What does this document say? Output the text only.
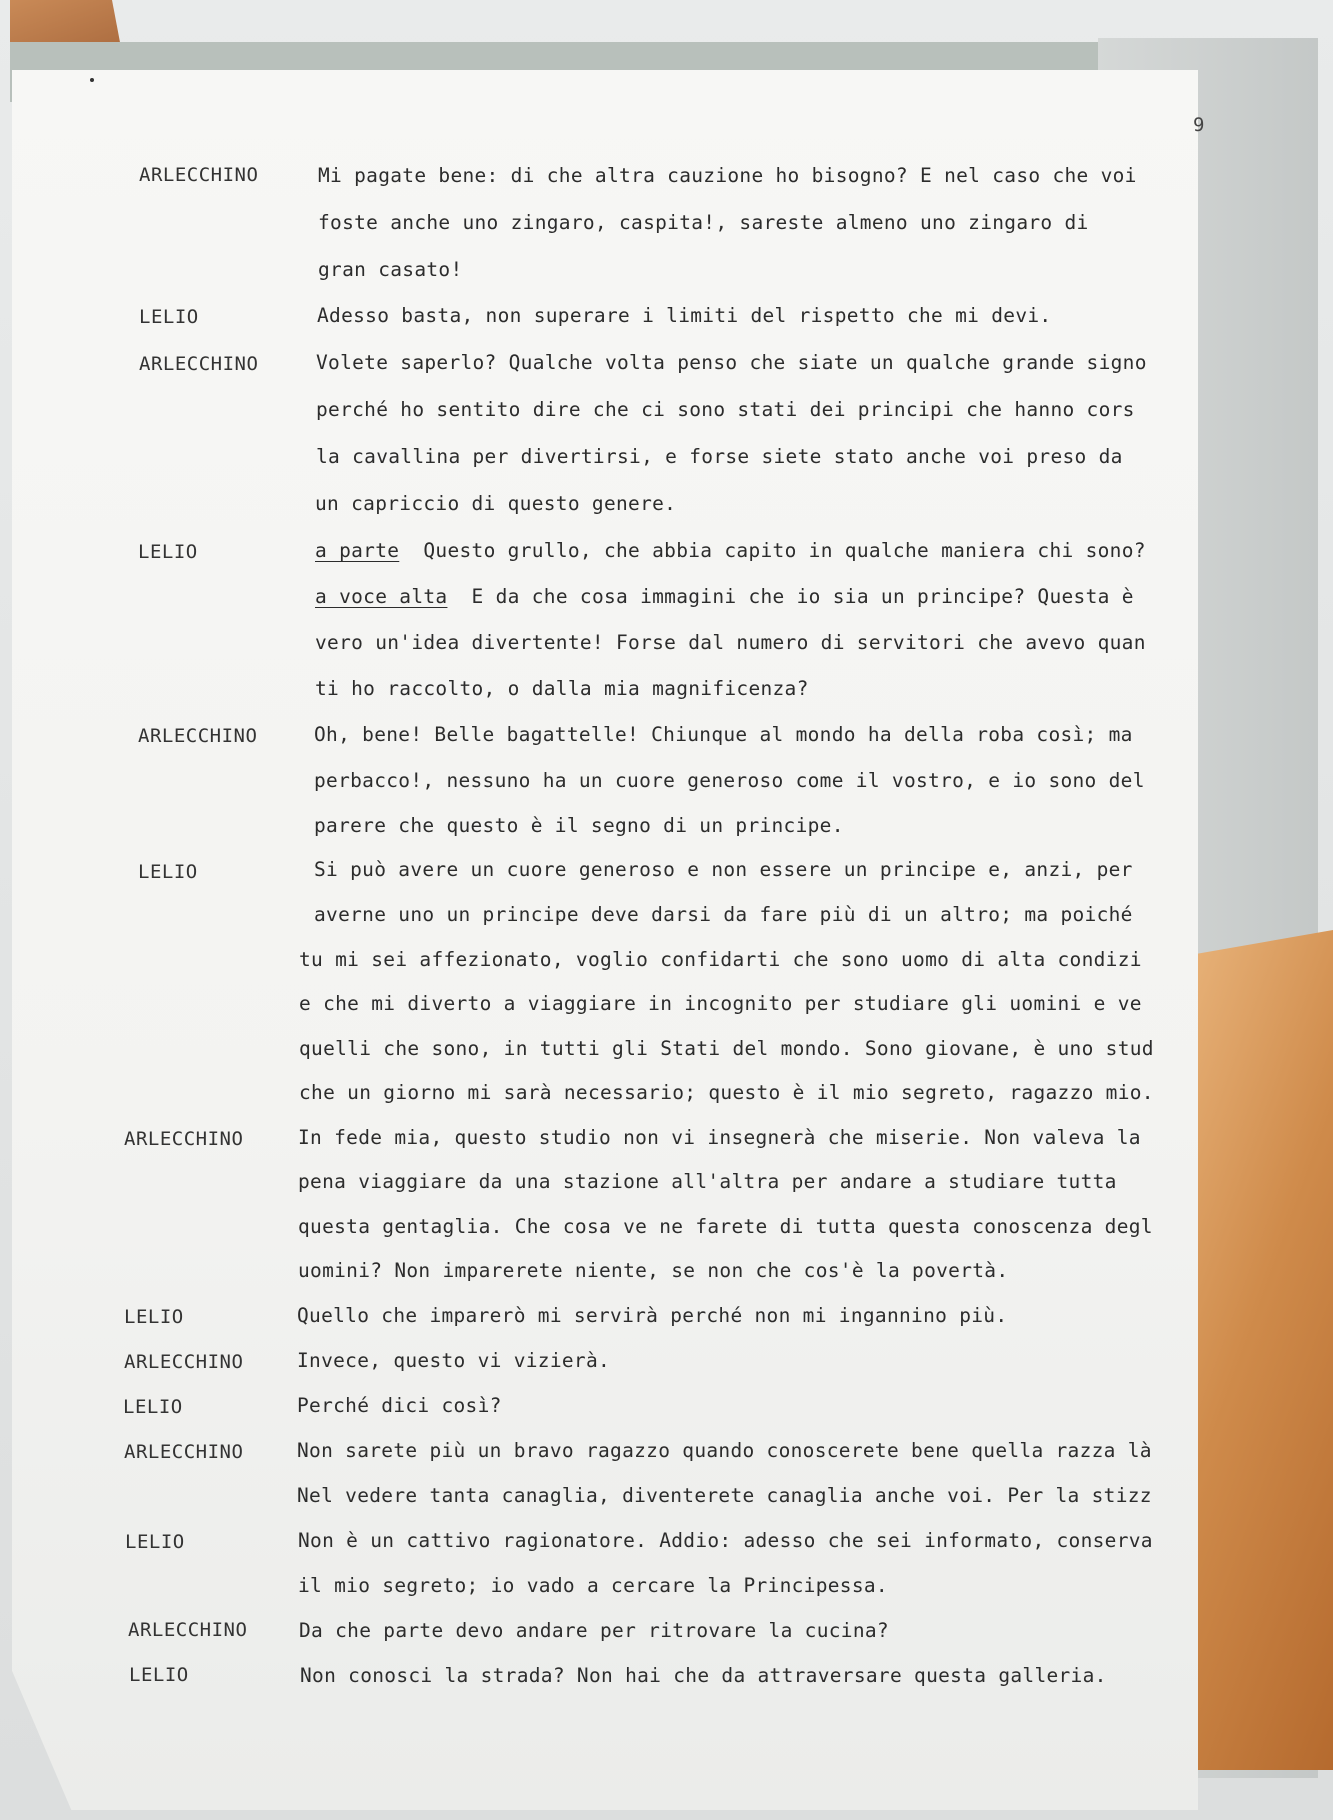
9
ARLECCHINO	Mi pagate bene: di che altra cauzione ho bisogno? E nel caso che voi
foste anche uno zingaro, caspita!, sareste almeno uno zingaro di
gran casato!
LELIO	Adesso basta, non superare i limiti del rispetto che mi devi.
ARLECCHINO	Volete saperlo? Qualche volta penso che siate un qualche grande signo
perché ho sentito dire che ci sono stati dei principi che hanno cors
la cavallina per divertirsi, e forse siete stato anche voi preso da
un capriccio di questo genere.
LELIO	a parte Questo grullo, che abbia capito in qualche maniera chi sono?
a voce alta E da che cosa immagini che io sia un principe? Questa è
vero un'idea divertente! Forse dal numero di servitori che avevo quan
ti ho raccolto, o dalla mia magnificenza?
ARLECCHINO	Oh, bene! Belle bagattelle! Chiunque al mondo ha della roba così; ma
perbacco!, nessuno ha un cuore generoso come il vostro, e io sono del
parere che questo è il segno di un principe.
LELIO	Si può avere un cuore generoso e non essere un principe e, anzi, per
averne uno un principe deve darsi da fare più di un altro; ma poiché
tu mi sei affezionato, voglio confidarti che sono uomo di alta condizi
e che mi diverto a viaggiare in incognito per studiare gli uomini e ve
quelli che sono, in tutti gli Stati del mondo. Sono giovane, è uno stud
che un giorno mi sarà necessario; questo è il mio segreto, ragazzo mio.
ARLECCHINO	In fede mia, questo studio non vi insegnerà che miserie. Non valeva la
pena viaggiare da una stazione all'altra per andare a studiare tutta
questa gentaglia. Che cosa ve ne farete di tutta questa conoscenza degl
uomini? Non imparerete niente, se non che cos'è la povertà.
LELIO	Quello che imparerò mi servirà perché non mi ingannino più.
ARLECCHINO	Invece, questo vi vizierà.
LELIO	Perché dici così?
ARLECCHINO	Non sarete più un bravo ragazzo quando conoscerete bene quella razza là
Nel vedere tanta canaglia, diventerete canaglia anche voi. Per la stizz
LELIO	Non è un cattivo ragionatore. Addio: adesso che sei informato, conserva
il mio segreto; io vado a cercare la Principessa.
ARLECCHINO	Da che parte devo andare per ritrovare la cucina?
LELIO	Non conosci la strada? Non hai che da attraversare questa galleria.
